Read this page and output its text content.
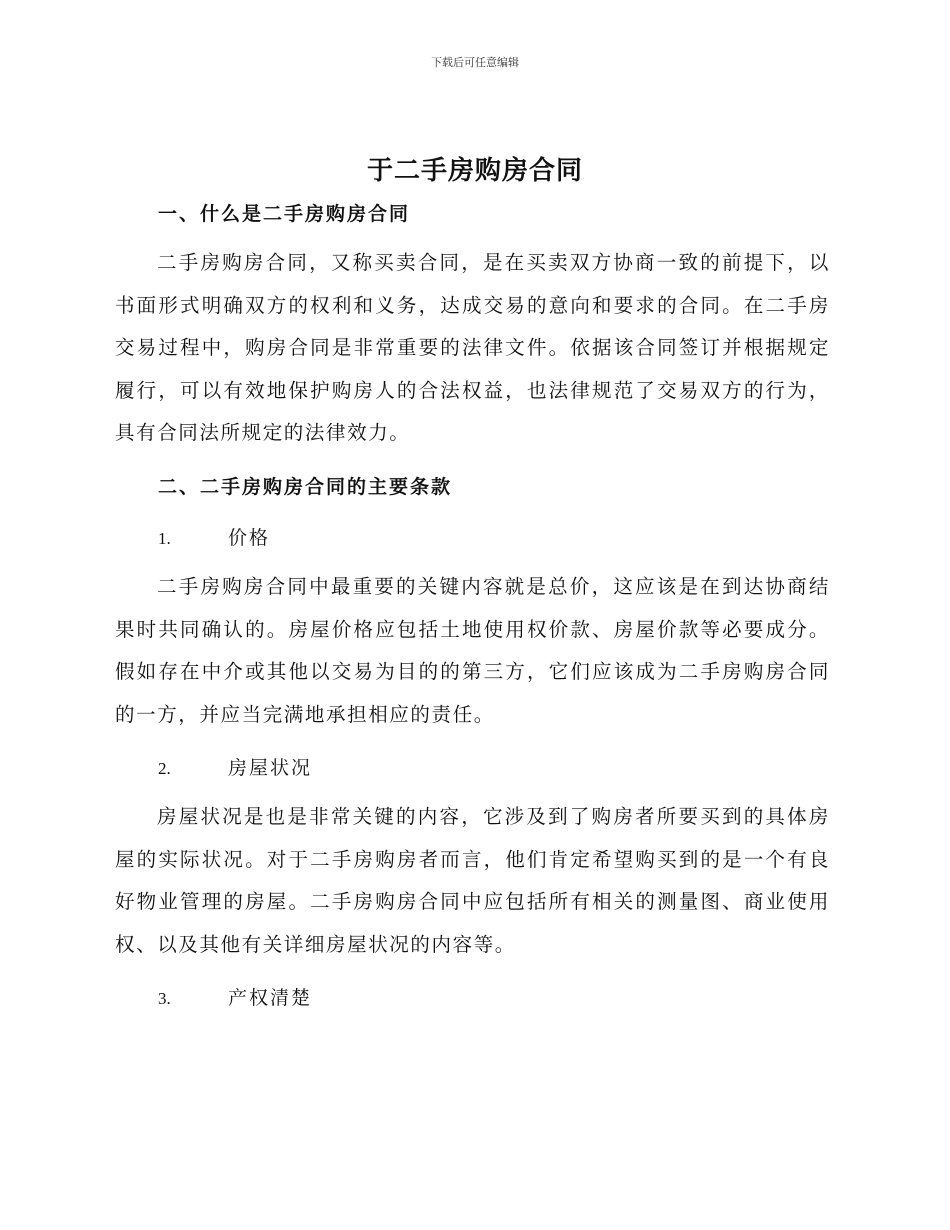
下载后可任意编辑
于二手房购房合同
一、什么是二手房购房合同

二手房购房合同，又称买卖合同，是在买卖双方协商一致的前提下，以书面形式明确双方的权利和义务，达成交易的意向和要求的合同。在二手房交易过程中，购房合同是非常重要的法律文件。依据该合同签订并根据规定履行，可以有效地保护购房人的合法权益，也法律规范了交易双方的行为，具有合同法所规定的法律效力。

二、二手房购房合同的主要条款
1.	价格

二手房购房合同中最重要的关键内容就是总价，这应该是在到达协商结果时共同确认的。房屋价格应包括土地使用权价款、房屋价款等必要成分。假如存在中介或其他以交易为目的的第三方，它们应该成为二手房购房合同的一方，并应当完满地承担相应的责任。

2.	房屋状况

房屋状况是也是非常关键的内容，它涉及到了购房者所要买到的具体房屋的实际状况。对于二手房购房者而言，他们肯定希望购买到的是一个有良好物业管理的房屋。二手房购房合同中应包括所有相关的测量图、商业使用权、以及其他有关详细房屋状况的内容等。

3.	产权清楚
